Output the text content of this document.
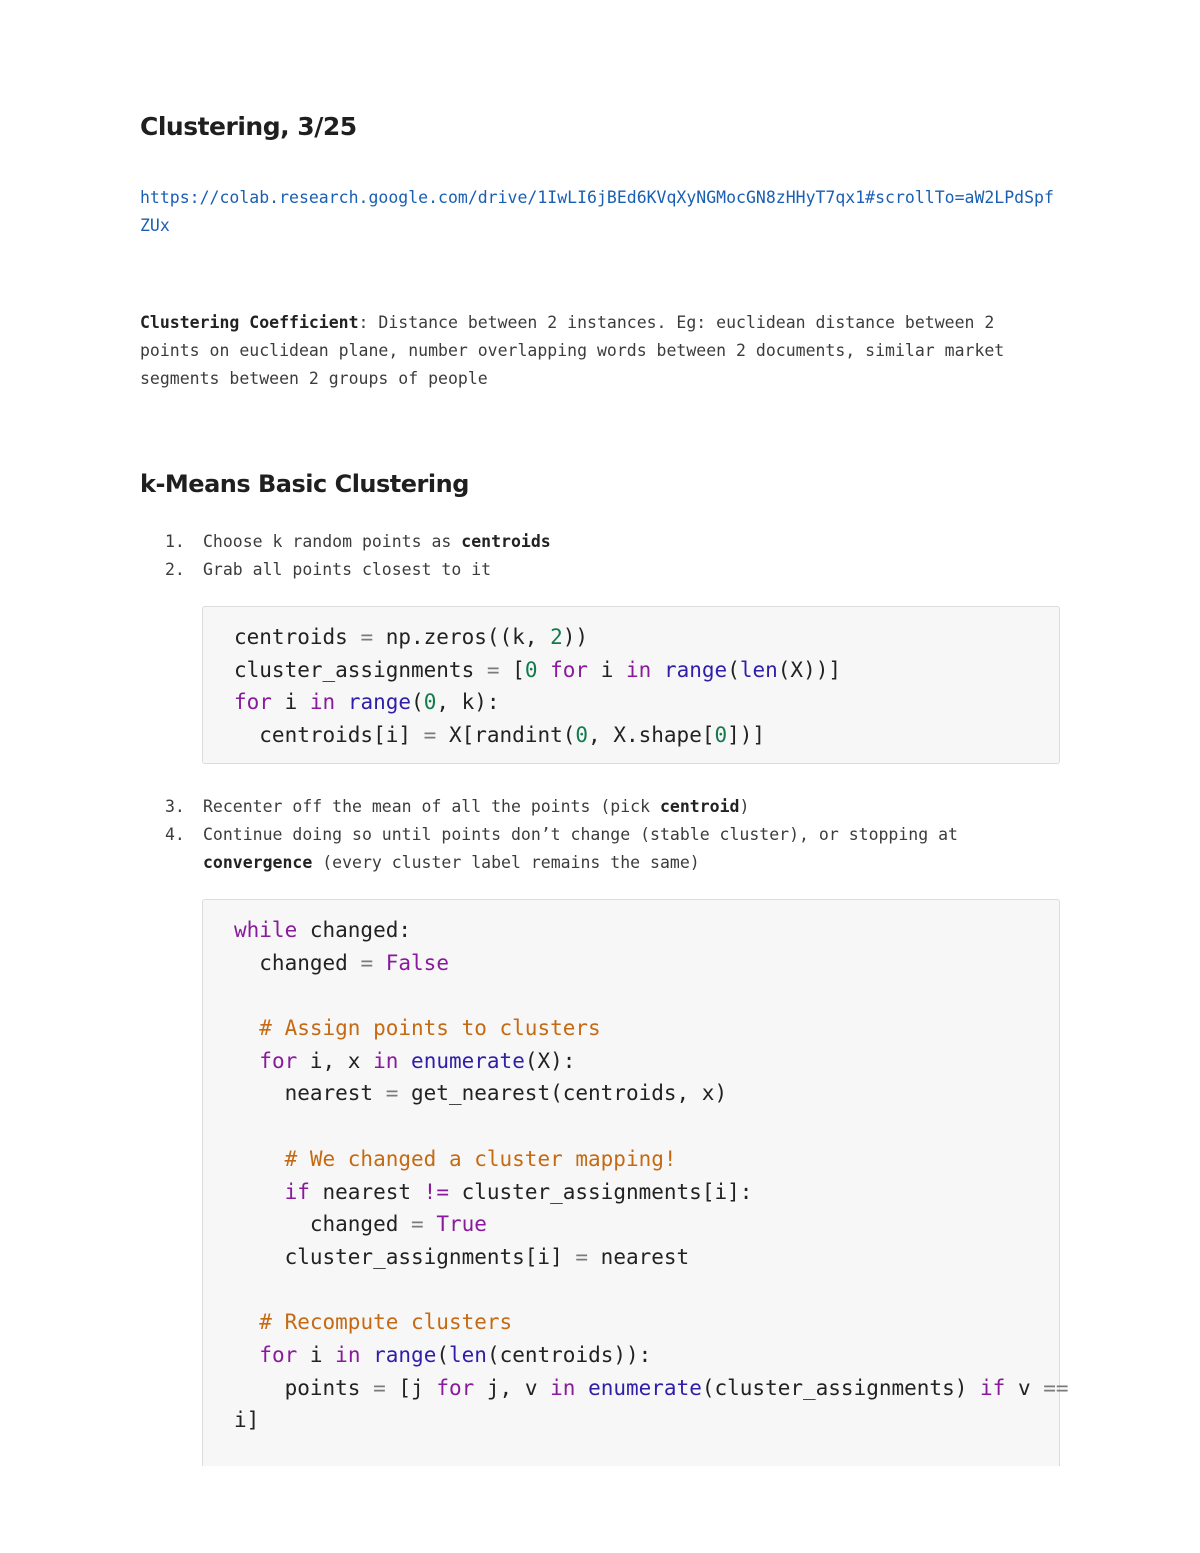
Clustering, 3/25
https://colab.research.google.com/drive/1IwLI6jBEd6KVqXyNGMocGN8zHHyT7qx1#scrollTo=aW2LPdSpfZUx
Clustering Coefficient: Distance between 2 instances. Eg: euclidean distance between 2 points on euclidean plane, number overlapping words between 2 documents, similar market segments between 2 groups of people
k-Means Basic Clustering
1. Choose k random points as centroids
2. Grab all points closest to it
centroids = np.zeros((k, 2))
cluster_assignments = [0 for i in range(len(X))]
for i in range(0, k):
centroids[i] = X[randint(0, X.shape[0])]
3. Recenter off the mean of all the points (pick centroid)
4. Continue doing so until points don’t change (stable cluster), or stopping at convergence (every cluster label remains the same)
while changed:
changed = False

# Assign points to clusters
for i, x in enumerate(X):
nearest = get_nearest(centroids, x)

# We changed a cluster mapping!
if nearest != cluster_assignments[i]:
changed = True
cluster_assignments[i] = nearest

# Recompute clusters
for i in range(len(centroids)):
points = [j for j, v in enumerate(cluster_assignments) if v ==
i]
